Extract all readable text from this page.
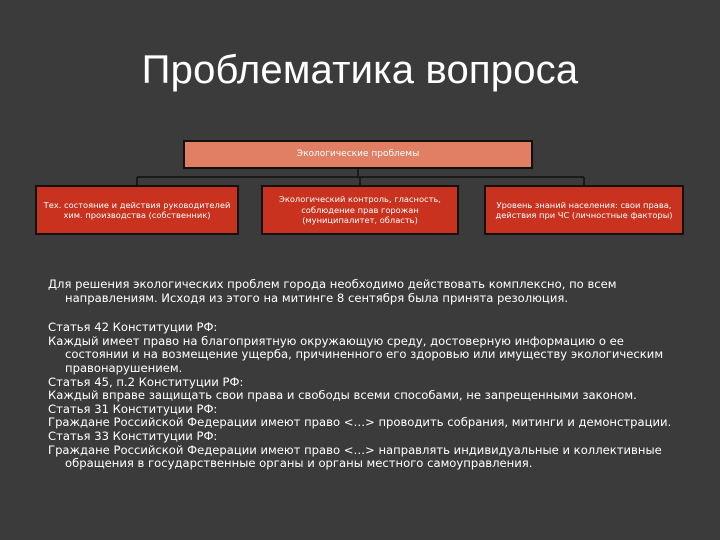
Проблематика вопроса
Экологические проблемы
Тех. состояние и действия руководителей хим. производства (собственник)
Экологический контроль, гласность, соблюдение прав горожан (муниципалитет, область)
Уровень знаний населения: свои права, действия при ЧС (личностные факторы)

Для решения экологических проблем города необходимо действовать комплексно, по всем направлениям. Исходя из этого на митинге 8 сентября была принята резолюция.

Статья 42 Конституции РФ:

Каждый имеет право на благоприятную окружающую среду, достоверную информацию о ее состоянии и на возмещение ущерба, причиненного его здоровью или имуществу экологическим правонарушением.

Статья 45, п.2 Конституции РФ:

Каждый вправе защищать свои права и свободы всеми способами, не запрещенными законом.

Статья 31 Конституции РФ:

Граждане Российской Федерации имеют право <…> проводить собрания, митинги и демонстрации.

Статья 33 Конституции РФ:

Граждане Российской Федерации имеют право <…> направлять индивидуальные и коллективные обращения в государственные органы и органы местного самоуправления.
